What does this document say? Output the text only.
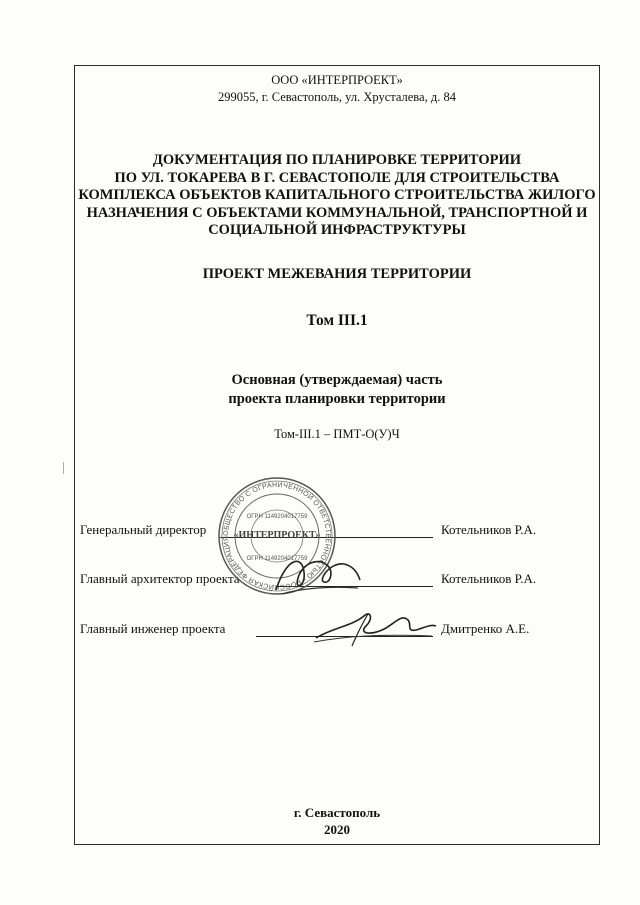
ООО «ИНТЕРПРОЕКТ»
299055, г. Севастополь, ул. Хрусталева, д. 84
ДОКУМЕНТАЦИЯ ПО ПЛАНИРОВКЕ ТЕРРИТОРИИ
ПО УЛ. ТОКАРЕВА В Г. СЕВАСТОПОЛЕ ДЛЯ СТРОИТЕЛЬСТВА
КОМПЛЕКСА ОБЪЕКТОВ КАПИТАЛЬНОГО СТРОИТЕЛЬСТВА ЖИЛОГО
НАЗНАЧЕНИЯ С ОБЪЕКТАМИ КОММУНАЛЬНОЙ, ТРАНСПОРТНОЙ И
СОЦИАЛЬНОЙ ИНФРАСТРУКТУРЫ
ПРОЕКТ МЕЖЕВАНИЯ ТЕРРИТОРИИ
Том III.1
Основная (утверждаемая) часть
проекта планировки территории
Том-III.1 – ПМТ-О(У)Ч
Генеральный директор	Котельников Р.А.
Главный архитектор проекта	Котельников Р.А.
Главный инженер проекта	Дмитренко А.Е.
ОБЩЕСТВО С ОГРАНИЧЕННОЙ ОТВЕТСТВЕННОСТЬЮ • РОССИЙСКАЯ ФЕДЕРАЦИЯ
ОГРН 1149204017759
«ИНТЕРПРОЕКТ»
ОГРН 1149204017759
г. Севастополь
2020
